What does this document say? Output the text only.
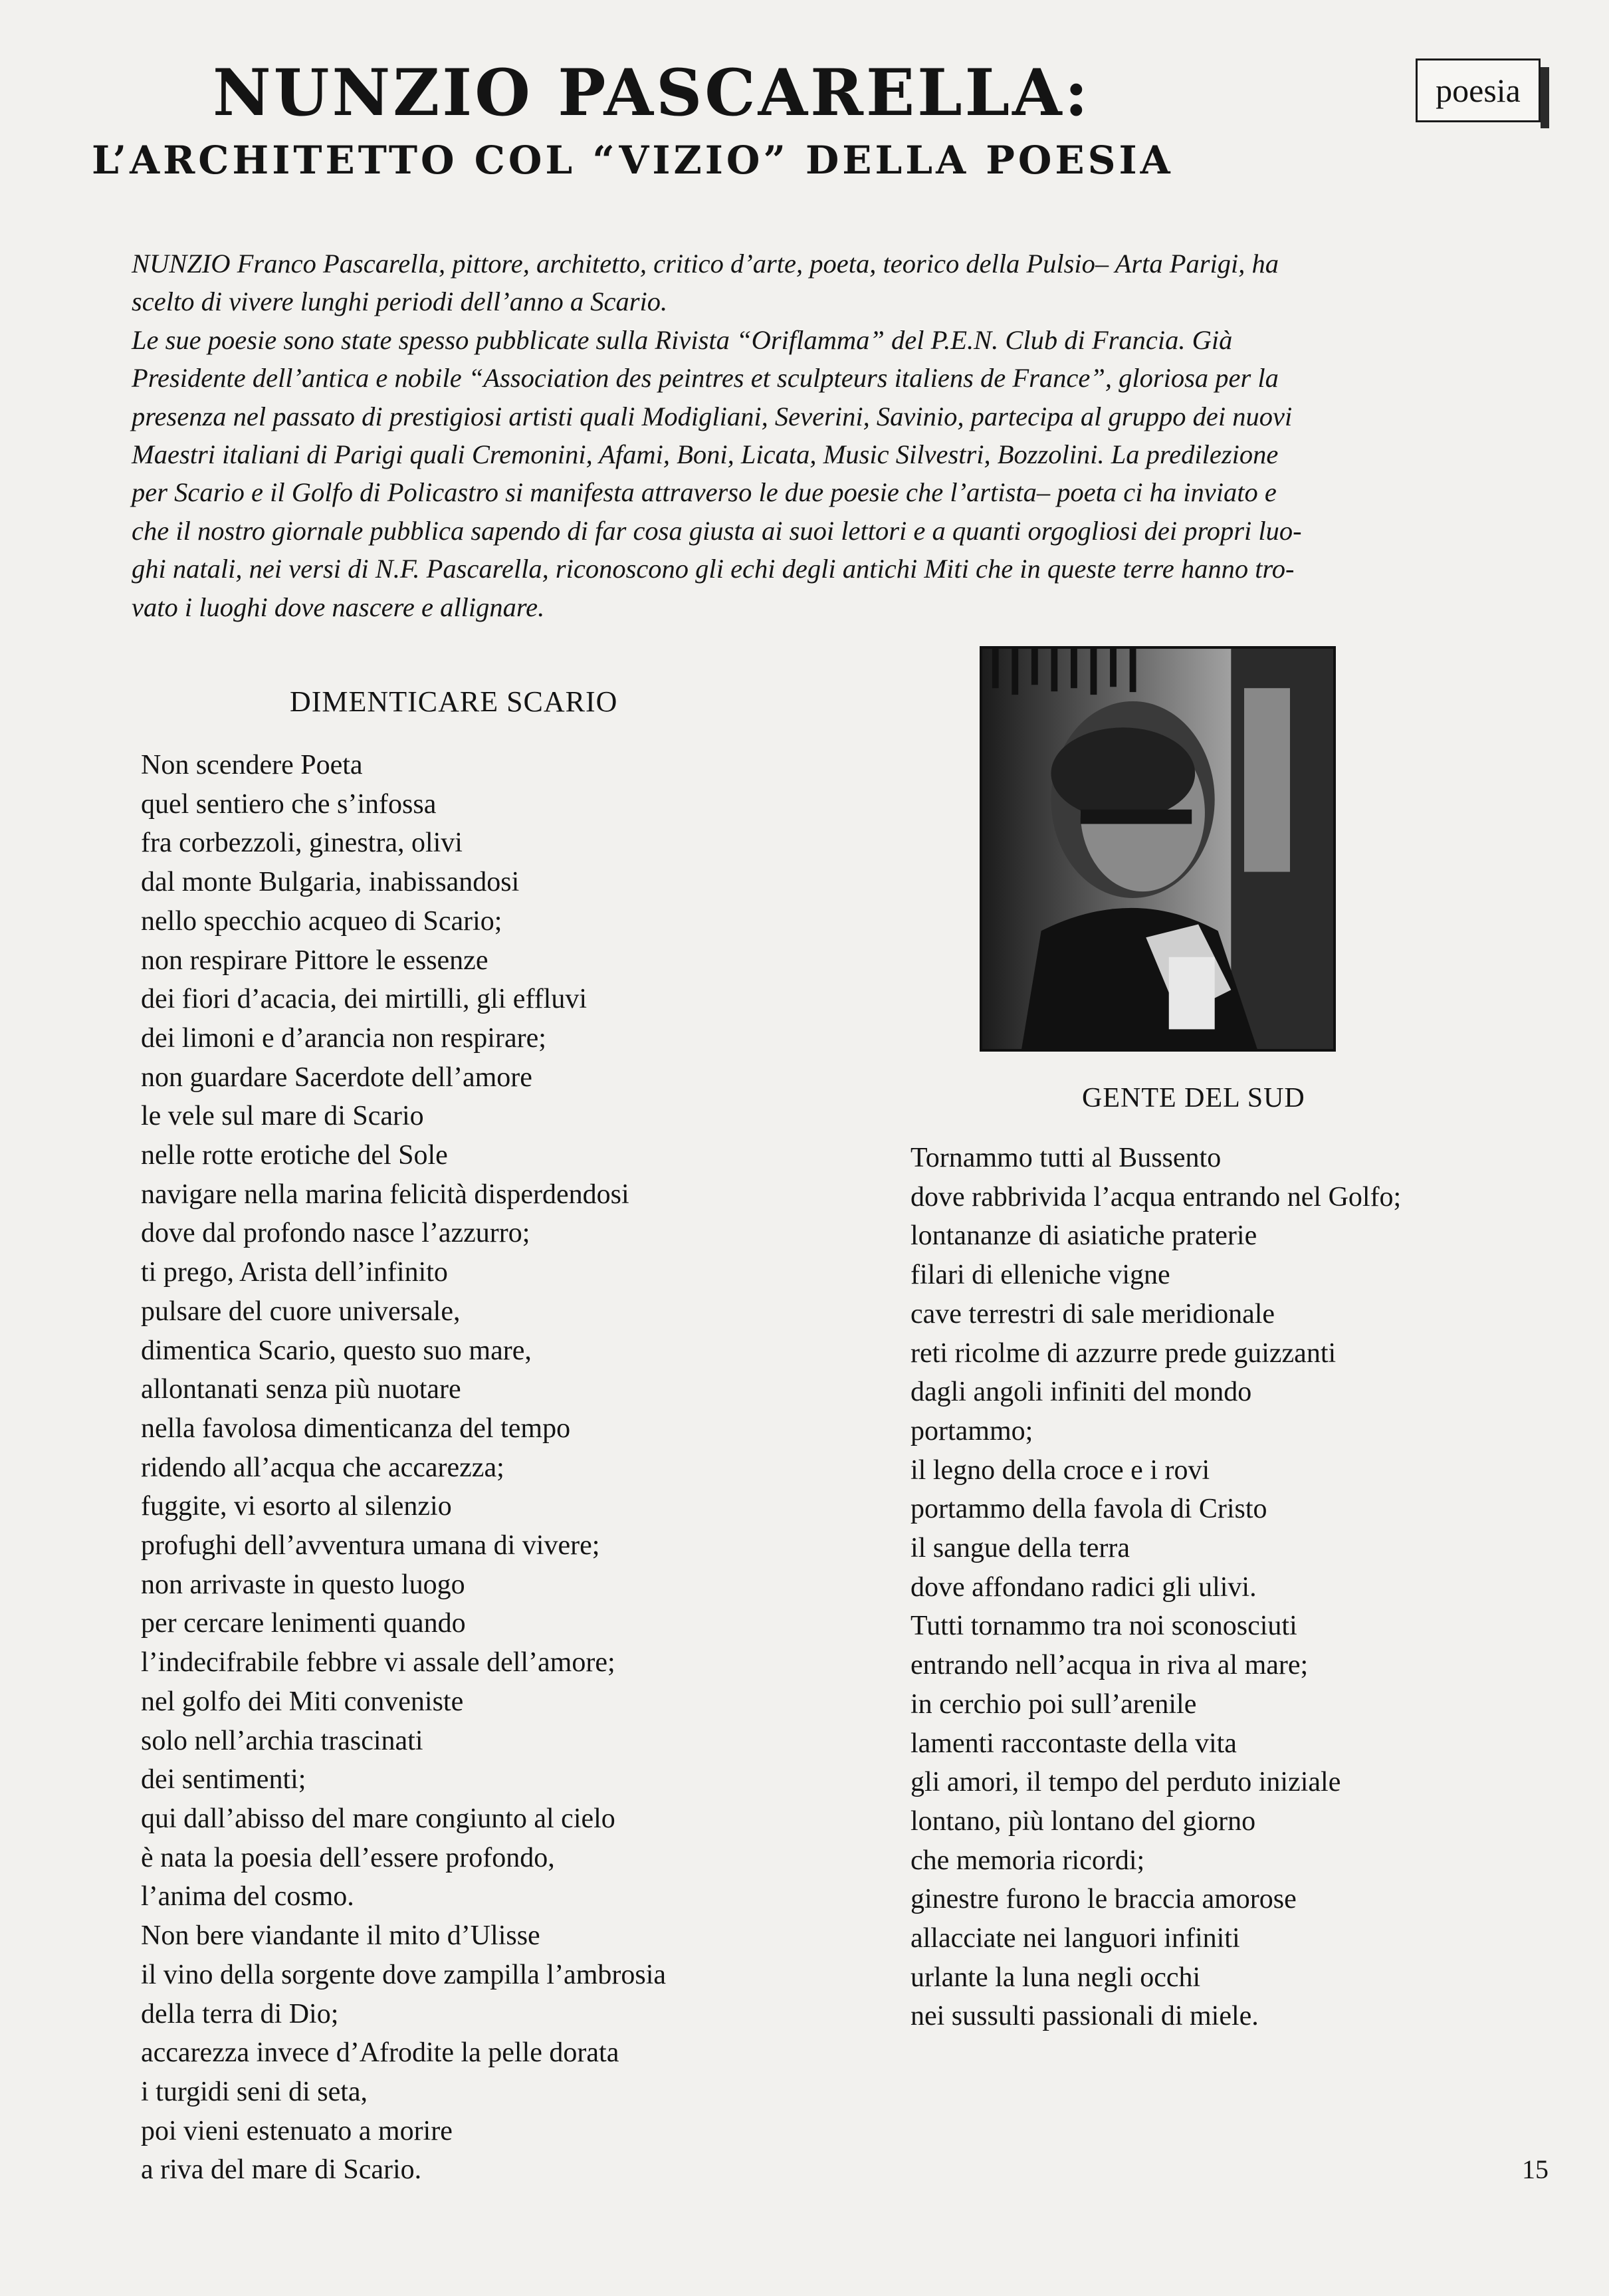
NUNZIO PASCARELLA:
L’ARCHITETTO COL “VIZIO” DELLA POESIA
poesia

NUNZIO Franco Pascarella, pittore, architetto, critico d’arte, poeta, teorico della Pulsio– Arta Parigi, ha
scelto di vivere lunghi periodi dell’anno a Scario.
Le sue poesie sono state spesso pubblicate sulla Rivista “Oriflamma” del P.E.N. Club di Francia. Già
Presidente dell’antica e nobile “Association des peintres et sculpteurs italiens de France”, gloriosa per la
presenza nel passato di prestigiosi artisti quali Modigliani, Severini, Savinio, partecipa al gruppo dei nuovi
Maestri italiani di Parigi quali Cremonini, Afami, Boni, Licata, Music Silvestri, Bozzolini. La predilezione
per Scario e il Golfo di Policastro si manifesta attraverso le due poesie che l’artista– poeta ci ha inviato e
che il nostro giornale pubblica sapendo di far cosa giusta ai suoi lettori e a quanti orgogliosi dei propri luo-
ghi natali, nei versi di N.F. Pascarella, riconoscono gli echi degli antichi Miti che in queste terre hanno tro-
vato i luoghi dove nascere e allignare.

DIMENTICARE SCARIO
Non scendere Poeta
quel sentiero che s’infossa
fra corbezzoli, ginestra, olivi
dal monte Bulgaria, inabissandosi
nello specchio acqueo di Scario;
non respirare Pittore le essenze
dei fiori d’acacia, dei mirtilli, gli effluvi
dei limoni e d’arancia non respirare;
non guardare Sacerdote dell’amore
le vele sul mare di Scario
nelle rotte erotiche del Sole
navigare nella marina felicità disperdendosi
dove dal profondo nasce l’azzurro;
ti prego, Arista dell’infinito
pulsare del cuore universale,
dimentica Scario, questo suo mare,
allontanati senza più nuotare
nella favolosa dimenticanza del tempo
ridendo all’acqua che accarezza;
fuggite, vi esorto al silenzio
profughi dell’avventura umana di vivere;
non arrivaste in questo luogo
per cercare lenimenti quando
l’indecifrabile febbre vi assale dell’amore;
nel golfo dei Miti conveniste
solo nell’archia trascinati
dei sentimenti;
qui dall’abisso del mare congiunto al cielo
è nata la poesia dell’essere profondo,
l’anima del cosmo.
Non bere viandante il mito d’Ulisse
il vino della sorgente dove zampilla l’ambrosia
della terra di Dio;
accarezza invece d’Afrodite la pelle dorata
i turgidi seni di seta,
poi vieni estenuato a morire
a riva del mare di Scario.
GENTE DEL SUD
Tornammo tutti al Bussento
dove rabbrivida l’acqua entrando nel Golfo;
lontananze di asiatiche praterie
filari di elleniche vigne
cave terrestri di sale meridionale
reti ricolme di azzurre prede guizzanti
dagli angoli infiniti del mondo
portammo;
il legno della croce e i rovi
portammo della favola di Cristo
il sangue della terra
dove affondano radici gli ulivi.
Tutti tornammo tra noi sconosciuti
entrando nell’acqua in riva al mare;
in cerchio poi sull’arenile
lamenti raccontaste della vita
gli amori, il tempo del perduto iniziale
lontano, più lontano del giorno
che memoria ricordi;
ginestre furono le braccia amorose
allacciate nei languori infiniti
urlante la luna negli occhi
nei sussulti passionali di miele.
15
